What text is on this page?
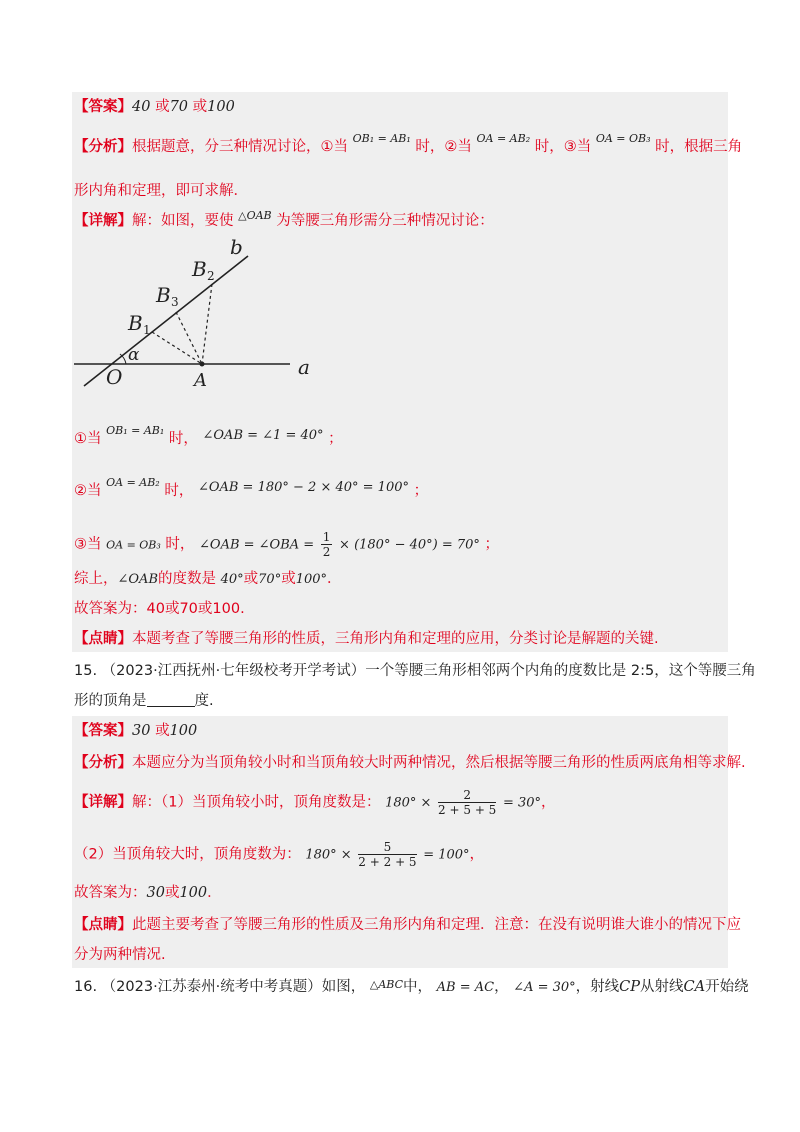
【答案】40 或70 或100
【分析】根据题意，分三种情况讨论，①当 $^{OB_1 = AB_1}$ 时，②当 $^{OA = AB_2}$ 时，③当 $^{OA = OB_3}$ 时，根据三角
形内角和定理，即可求解．
【详解】解：如图，要使 $^{\triangle OAB}$ 为等腰三角形需分三种情况讨论：
b
B 2
B 3
B 1
α
O	A
a
①当 $^{OB_1 = AB_1}$ 时， ∠OAB = ∠1 = 40° ；
②当 $^{OA = AB_2}$ 时， ∠OAB = 180° − 2 × 40° = 100° ；
③当 OA = OB₃ 时， ∠OAB = ∠OBA = $\frac{1}{2} \times (180^\circ - 40^\circ) = 70^\circ$ ；
综上，∠OAB的度数是 40°或70°或100°．
故答案为：40或70或100.
【点睛】本题考查了等腰三角形的性质，三角形内角和定理的应用，分类讨论是解题的关键.
15. （2023·江西抚州·七年级校考开学考试）一个等腰三角形相邻两个内角的度数比是 2:5，这个等腰三角
形的顶角是	度.
【答案】30 或100
【分析】本题应分为当顶角较小时和当顶角较大时两种情况，然后根据等腰三角形的性质两底角相等求解.
【详解】解：（1）当顶角较小时，顶角度数是： $180^\circ \times \frac{2}{2 + 5 + 5} = 30^\circ$，
（2）当顶角较大时，顶角度数为： $180^\circ \times \frac{5}{2 + 2 + 5} = 100^\circ$，
故答案为：30或100．
【点睛】此题主要考查了等腰三角形的性质及三角形内角和定理．注意：在没有说明谁大谁小的情况下应
分为两种情况.
16. （2023·江苏泰州·统考中考真题）如图， $^{\triangle ABC}$中， AB = AC， ∠A = 30°，射线CP从射线CA开始绕
